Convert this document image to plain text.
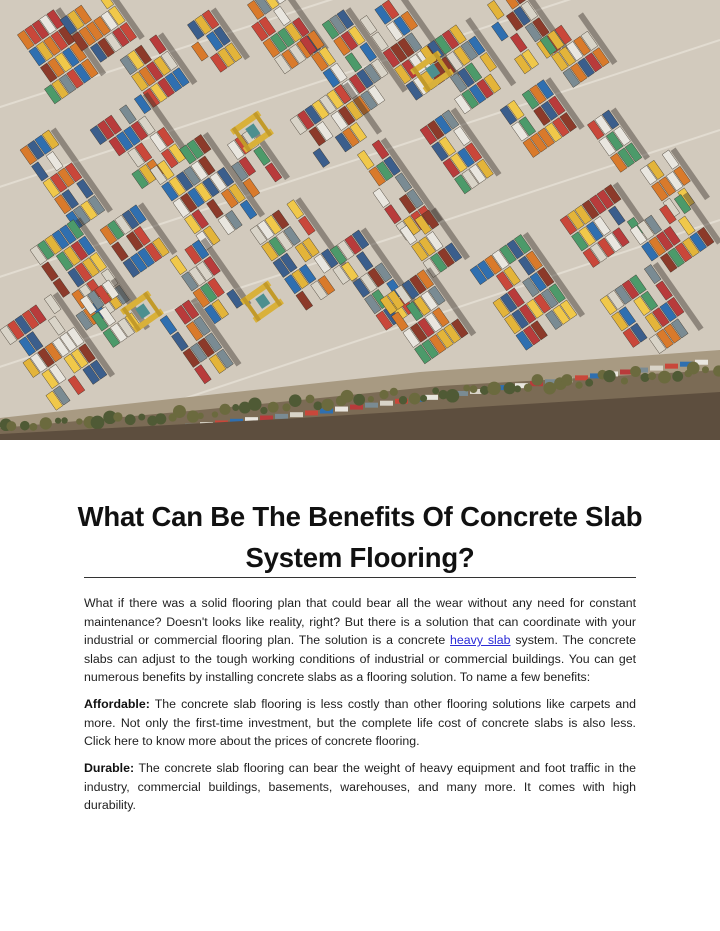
What Can Be The Benefits Of Concrete Slab System Flooring?

What if there was a solid flooring plan that could bear all the wear without any need for constant maintenance? Doesn't looks like reality, right? But there is a solution that can coordinate with your industrial or commercial flooring plan. The solution is a concrete heavy slab system. The concrete slabs can adjust to the tough working conditions of industrial or commercial buildings. You can get numerous benefits by installing concrete slabs as a flooring solution. To name a few benefits:

Affordable: The concrete slab flooring is less costly than other flooring solutions like carpets and more. Not only the first-time investment, but the complete life cost of concrete slabs is also less. Click here to know more about the prices of concrete flooring.

Durable: The concrete slab flooring can bear the weight of heavy equipment and foot traffic in the industry, commercial buildings, basements, warehouses, and many more. It comes with high durability.
